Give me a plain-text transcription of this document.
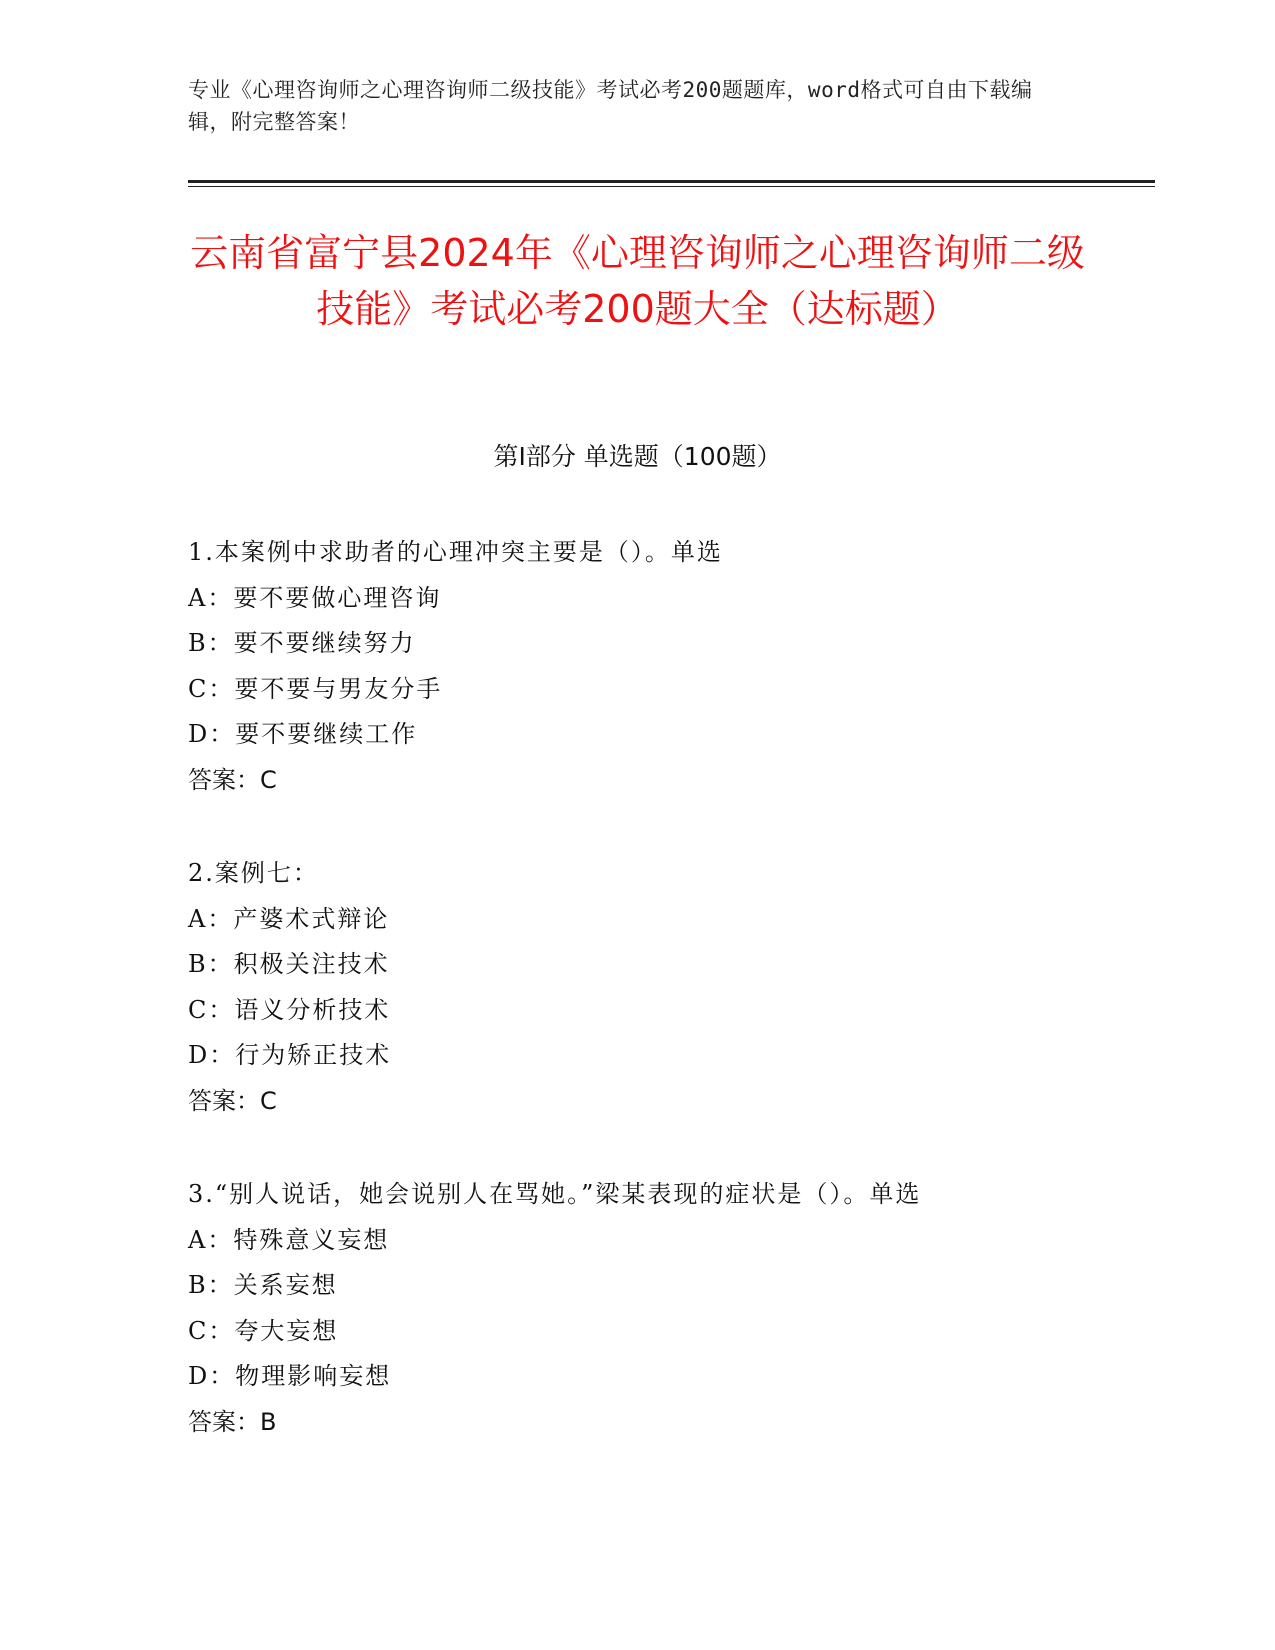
专业《心理咨询师之心理咨询师二级技能》考试必考200题题库，word格式可自由下载编辑，附完整答案！
云南省富宁县2024年《心理咨询师之心理咨询师二级技能》考试必考200题大全（达标题）
第Ⅰ部分 单选题（100题）
1.本案例中求助者的心理冲突主要是（）。单选
A：要不要做心理咨询
B：要不要继续努力
C：要不要与男友分手
D：要不要继续工作
答案：C
2.案例七：
A：产婆术式辩论
B：积极关注技术
C：语义分析技术
D：行为矫正技术
答案：C
3.“别人说话，她会说别人在骂她。”梁某表现的症状是（）。单选
A：特殊意义妄想
B：关系妄想
C：夸大妄想
D：物理影响妄想
答案：B
